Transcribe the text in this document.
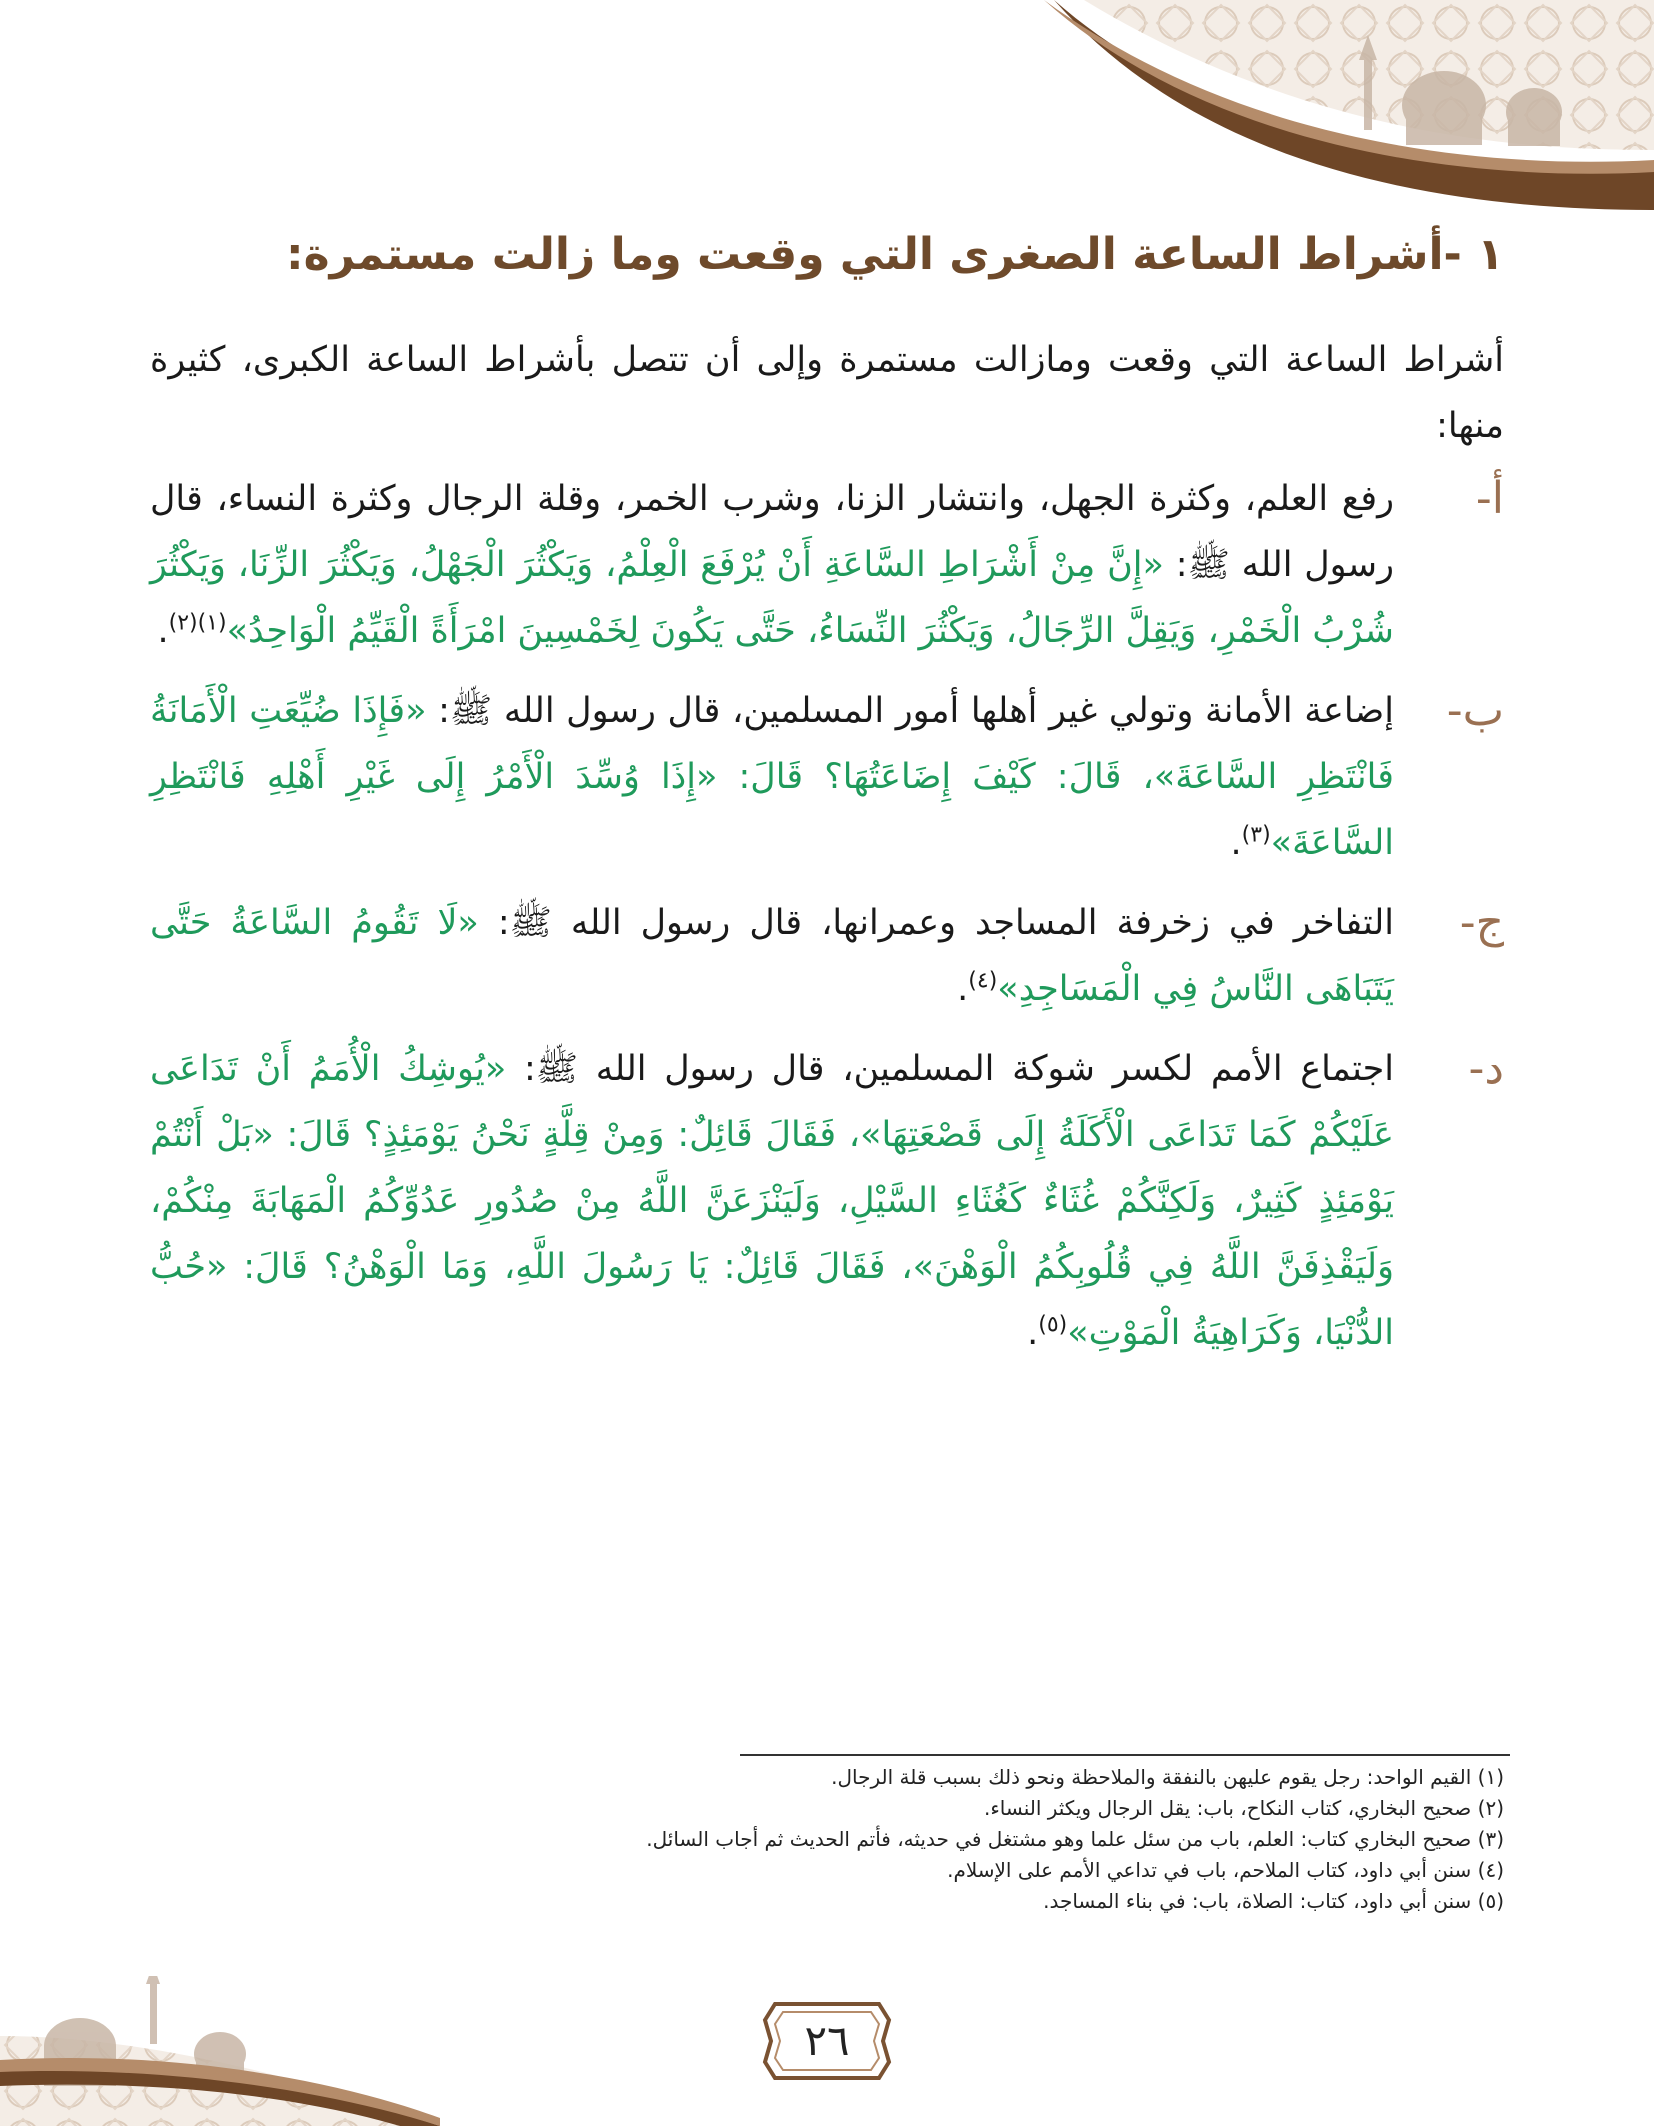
١ -أشراط الساعة الصغرى التي وقعت وما زالت مستمرة:

أشراط الساعة التي وقعت ومازالت مستمرة وإلى أن تتصل بأشراط الساعة الكبرى، كثيرة منها:

أ-
رفع العلم، وكثرة الجهل، وانتشار الزنا، وشرب الخمر، وقلة الرجال وكثرة النساء، قال رسول الله ﷺ: «إِنَّ مِنْ أَشْرَاطِ السَّاعَةِ أَنْ يُرْفَعَ الْعِلْمُ، وَيَكْثُرَ الْجَهْلُ، وَيَكْثُرَ الزِّنَا، وَيَكْثُرَ شُرْبُ الْخَمْرِ، وَيَقِلَّ الرِّجَالُ، وَيَكْثُرَ النِّسَاءُ، حَتَّى يَكُونَ لِخَمْسِينَ امْرَأَةً الْقَيِّمُ الْوَاحِدُ»$^{(١)(٢)}$.
ب-
إضاعة الأمانة وتولي غير أهلها أمور المسلمين، قال رسول الله ﷺ: «فَإِذَا ضُيِّعَتِ الْأَمَانَةُ فَانْتَظِرِ السَّاعَةَ»، قَالَ: كَيْفَ إِضَاعَتُهَا؟ قَالَ: «إِذَا وُسِّدَ الْأَمْرُ إِلَى غَيْرِ أَهْلِهِ فَانْتَظِرِ السَّاعَةَ»$^{(٣)}$.
ج-
التفاخر في زخرفة المساجد وعمرانها، قال رسول الله ﷺ: «لَا تَقُومُ السَّاعَةُ حَتَّى يَتَبَاهَى النَّاسُ فِي الْمَسَاجِدِ»$^{(٤)}$.
د-
اجتماع الأمم لكسر شوكة المسلمين، قال رسول الله ﷺ: «يُوشِكُ الْأُمَمُ أَنْ تَدَاعَى عَلَيْكُمْ كَمَا تَدَاعَى الْأَكَلَةُ إِلَى قَصْعَتِهَا»، فَقَالَ قَائِلٌ: وَمِنْ قِلَّةٍ نَحْنُ يَوْمَئِذٍ؟ قَالَ: «بَلْ أَنْتُمْ يَوْمَئِذٍ كَثِيرٌ، وَلَكِنَّكُمْ غُثَاءٌ كَغُثَاءِ السَّيْلِ، وَلَيَنْزَعَنَّ اللَّهُ مِنْ صُدُورِ عَدُوِّكُمُ الْمَهَابَةَ مِنْكُمْ، وَلَيَقْذِفَنَّ اللَّهُ فِي قُلُوبِكُمُ الْوَهْنَ»، فَقَالَ قَائِلٌ: يَا رَسُولَ اللَّهِ، وَمَا الْوَهْنُ؟ قَالَ: «حُبُّ الدُّنْيَا، وَكَرَاهِيَةُ الْمَوْتِ»$^{(٥)}$.
(١) القيم الواحد: رجل يقوم عليهن بالنفقة والملاحظة ونحو ذلك بسبب قلة الرجال.
(٢) صحيح البخاري، كتاب النكاح، باب: يقل الرجال ويكثر النساء.
(٣) صحيح البخاري كتاب: العلم، باب من سئل علما وهو مشتغل في حديثه، فأتم الحديث ثم أجاب السائل.
(٤) سنن أبي داود، كتاب الملاحم، باب في تداعي الأمم على الإسلام.
(٥) سنن أبي داود، كتاب: الصلاة، باب: في بناء المساجد.
٢٦
